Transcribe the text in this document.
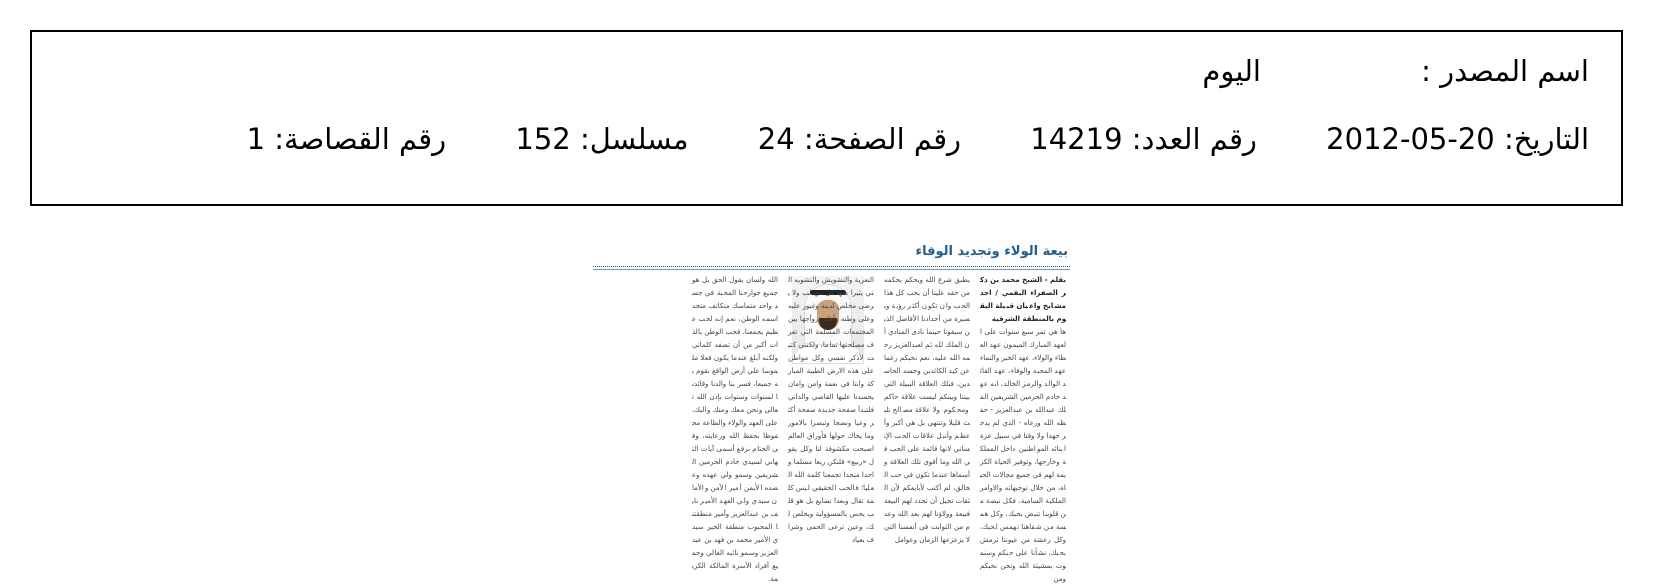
اسم المصدر :
اليوم
التاريخ: 20-05-2012 رقم العدد: 14219 رقم الصفحة: 24 مسلسل: 152 رقم القصاصة: 1
بيعة الولاء وتجديد الوفاء
بقلم - الشيخ محمد بن ذكر الصفراء البقمي / احد مشايخ واعيان قبيلة البقوم بالمنطقة الشرقية
ها هي تمر سبع سنوات على العهد المبارك الميمون عهد العطاء والولاء، عهد الخير والنماء عهد المحبة والوفاء، عهد القائد الوالد والرمز الخالد، انه عهد خادم الحرمين الشريفين الملك عبدالله بن عبدالعزيز - حفظه الله ورعاه - الذي لم يدخر جهدا ولا وقتا في سبيل عزة ابنائه المواطنين داخل المملكة وخارجها، وتوفير الحياة الكريمة لهم في جميع مجالات الحياة، من خلال توجيهاته والاوامر الملكية السامية، فكل نبضة من قلوبنا تنبض بحبك، وكل همسة من شفاهنا تهمس لحبك، وكل رعشة من عيوننا ترمش بحبك، نشأنا على حبكم وسنموت بمشيئة الله ونحن نحبكم ومن
يطبق شرع الله ويحكم بحكمه من حقه علينا أن يحب كل هذا الحب وان تكون أكثر رؤية وبصيرة من أجدادنا الأفاضل الذين سبقونا حينما نادى المنادي أن الملك لله ثم لعبدالعزيز رحمه الله عليه، نعم نحبكم رغما عن كيد الكائدين وحسد الحاسدين، فتلك العلاقة النبيلة التي بيننا وبينكم ليست علاقة حاكم ومحكوم ولا علاقة مصالح تلبث قليلا وتنتهي بل هي أكبر وأعظم وأنبل علاقات الحب الإنساني لانها قائمة على الحب في الله وما أقوى تلك العلاقة وأسماها عندما تكون في حب الخالق، لم أكتب لأبايعكم لأن الثقات تجيل أن تجدد لهم البيعة فبيعة وولاؤنا لهم بعد الله وعدم من الثوابت في أنفسنا التي لا يزعزعها الزمان وعوامل
التعرية والتشويش والتشويه التي يثيرا منها كل ذي لب ولا يرضى مخلص لدينه وغيور عليه وعلى وطنه وأهله بروأجها بين المجتمعات المسلمة التي تعرف مصلحتها تماما، ولكنني كتبت لأذكر نفسي وكل مواطن على هذه الارض الطيبة المباركة وانتا في نعمة وامن وامان يحسدنا عليها القاصي والداني فلتبدأ صفحة جديدة صفحة أكثر وعيا ونضجا وتبصرا بالامور وما يحاك حولها فأوراق العالم اصبحت مكشوفة لنا وكل يقول «ربيع» فلنكن ربعا مسلما واحدا متحدا تجمعنا كلمة الله العليا؛ فالحب الحقيقي ليس كلمة تقال وبعدا تضايع بل هو قلب يحس بالمسؤولية ويخلص لك، وعين ترعى الحمى وشراف بعياد
الله ولسان يقول الحق بل هو جميع جوارحنا المحبة في جسد واحد متماسك متكاتف متحد اسمه الوطن، نعم إنه لحب عظيم يجمعنا، فحب الوطن بالذات أكبر من أن تصفه كلماتي ولكنه أبلغ عندما يكون فعلا ملموسا على أرض الواقع نقوم به جميعا، فسر بنا والدنا وقائدنا لسنوات وسنوات بإذن الله تعالى ونحن معك ومنك والبك، على العهد والولاء والطاعة محفوظا بحفظ الله ورعايته، وفي الختام نرفع أسمى آيات التهاني لسيدي خادم الحرمين الشريفين وسمو ولي عهده وعضده الأيمن أمير الأمن والأمان سيدي ولي العهد الأمير نايف بن عبدالعزيز وأمير منطقتنا المحبوب منطقة الخير سيدي الأمير محمد بن فهد بن عبدالعزيز وسمو نائبه الغالي وجميع أفراد الأسرة المالكة الكريمة.
